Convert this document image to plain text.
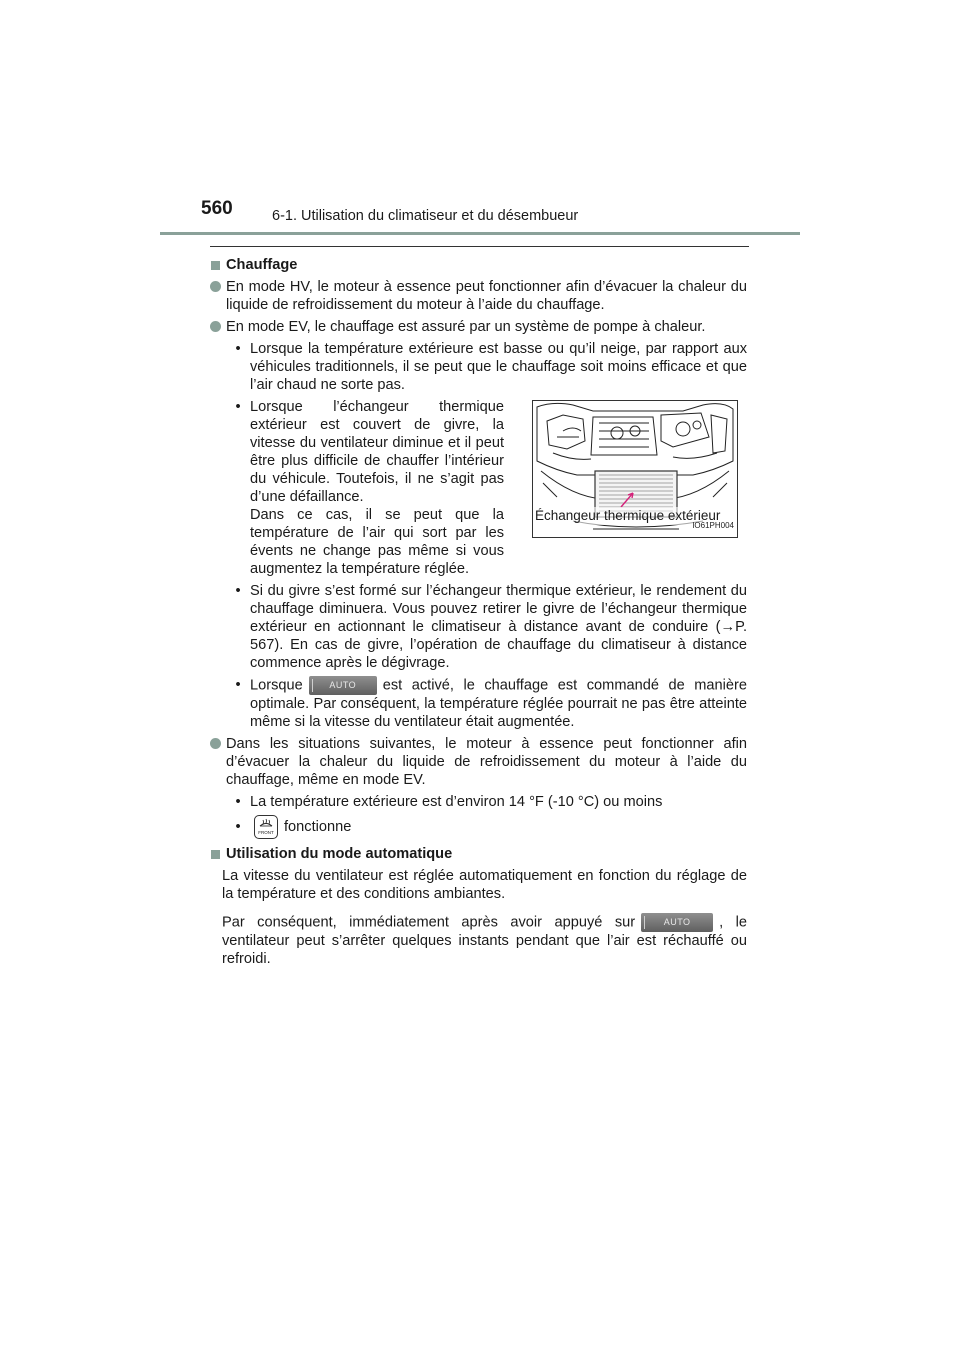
560	6-1. Utilisation du climatiseur et du désembueur
Chauffage
En mode HV, le moteur à essence peut fonctionner afin d’évacuer la chaleur du liquide de refroidissement du moteur à l’aide du chauffage.
En mode EV, le chauffage est assuré par un système de pompe à chaleur.
• Lorsque la température extérieure est basse ou qu’il neige, par rapport aux véhicules traditionnels, il se peut que le chauffage soit moins efficace et que l’air chaud ne sorte pas.
• Lorsque l’échangeur thermique extérieur est couvert de givre, la vitesse du ventilateur diminue et il peut être plus difficile de chauffer l’intérieur du véhicule. Toutefois, il ne s’agit pas d’une défaillance.

Dans ce cas, il se peut que la température de l’air qui sort par les évents ne change pas même si vous augmentez la température réglée.

Échangeur thermique extérieur
IO61PH004
• Si du givre s’est formé sur l’échangeur thermique extérieur, le rendement du chauffage diminuera. Vous pouvez retirer le givre de l’échangeur thermique extérieur en actionnant le climatiseur à distance avant de conduire (→P. 567). En cas de givre, l’opération de chauffage du climatiseur à distance commence après le dégivrage.
• Lorsque	AUTO est activé, le chauffage est commandé de manière optimale. Par conséquent, la température réglée pourrait ne pas être atteinte même si la vitesse du ventilateur était augmentée.
Dans les situations suivantes, le moteur à essence peut fonctionner afin d’évacuer la chaleur du liquide de refroidissement du moteur à l’aide du chauffage, même en mode EV.
• La température extérieure est d’environ 14 °F (-10 °C) ou moins
•	FRONT fonctionne
Utilisation du mode automatique

La vitesse du ventilateur est réglée automatiquement en fonction du réglage de la température et des conditions ambiantes.

Par conséquent, immédiatement après avoir appuyé sur	AUTO , le ventilateur peut s’arrêter quelques instants pendant que l’air est réchauffé ou refroidi.
